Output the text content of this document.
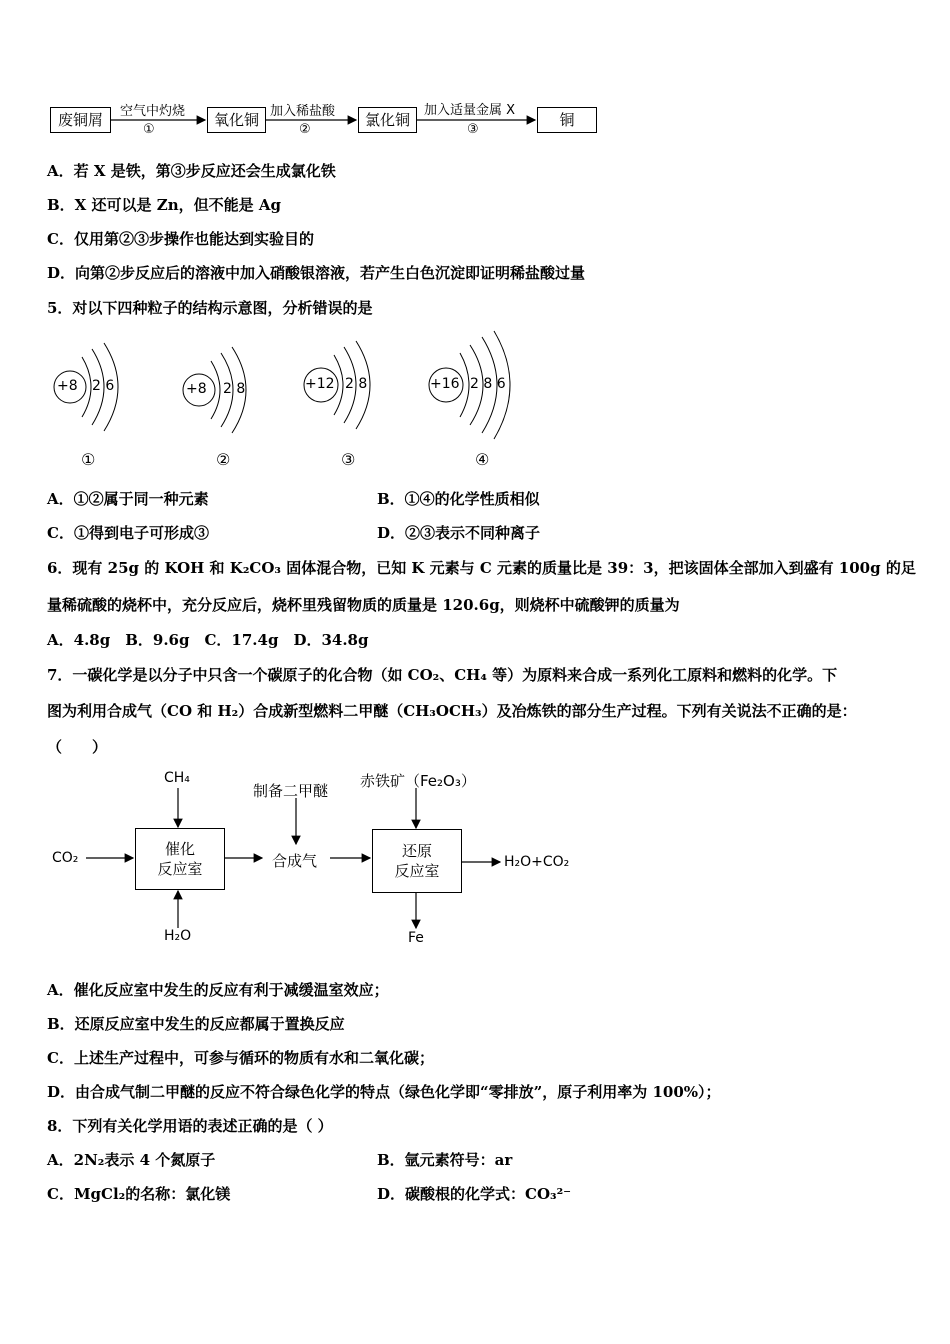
废铜屑	氧化铜	氯化铜	铜
空气中灼烧
①
加入稀盐酸
②
加入适量金属 X
③
A．若 X 是铁，第③步反应还会生成氯化铁
B．X 还可以是 Zn，但不能是 Ag
C．仅用第②③步操作也能达到实验目的
D．向第②步反应后的溶液中加入硝酸银溶液，若产生白色沉淀即证明稀盐酸过量
5．对以下四种粒子的结构示意图，分析错误的是
+8 2 6	+8 2 8	+12 2 8	+16 2 8 6
①	②	③	④
A．①②属于同一种元素	B．①④的化学性质相似
C．①得到电子可形成③	D．②③表示不同种离子
6．现有 25g 的 KOH 和 K₂CO₃ 固体混合物，已知 K 元素与 C 元素的质量比是 39：3，把该固体全部加入到盛有 100g 的足
量稀硫酸的烧杯中，充分反应后，烧杯里残留物质的质量是 120.6g，则烧杯中硫酸钾的质量为
A．4.8g　B．9.6g　C．17.4g　D．34.8g
7．一碳化学是以分子中只含一个碳原子的化合物（如 CO₂、CH₄ 等）为原料来合成一系列化工原料和燃料的化学。下
图为利用合成气（CO 和 H₂）合成新型燃料二甲醚（CH₃OCH₃）及冶炼铁的部分生产过程。下列有关说法不正确的是：
（　　）
催化
反应室
还原
反应室
CH₄
CO₂
H₂O
合成气
制备二甲醚
赤铁矿（Fe₂O₃）
H₂O+CO₂
Fe
A．催化反应室中发生的反应有利于减缓温室效应；
B．还原反应室中发生的反应都属于置换反应
C．上述生产过程中，可参与循环的物质有水和二氧化碳；
D．由合成气制二甲醚的反应不符合绿色化学的特点（绿色化学即“零排放”，原子利用率为 100%）；
8．下列有关化学用语的表述正确的是（ ）
A．2N₂表示 4 个氮原子	B．氩元素符号：ar
C．MgCl₂的名称：氯化镁	D．碳酸根的化学式：CO₃²⁻
